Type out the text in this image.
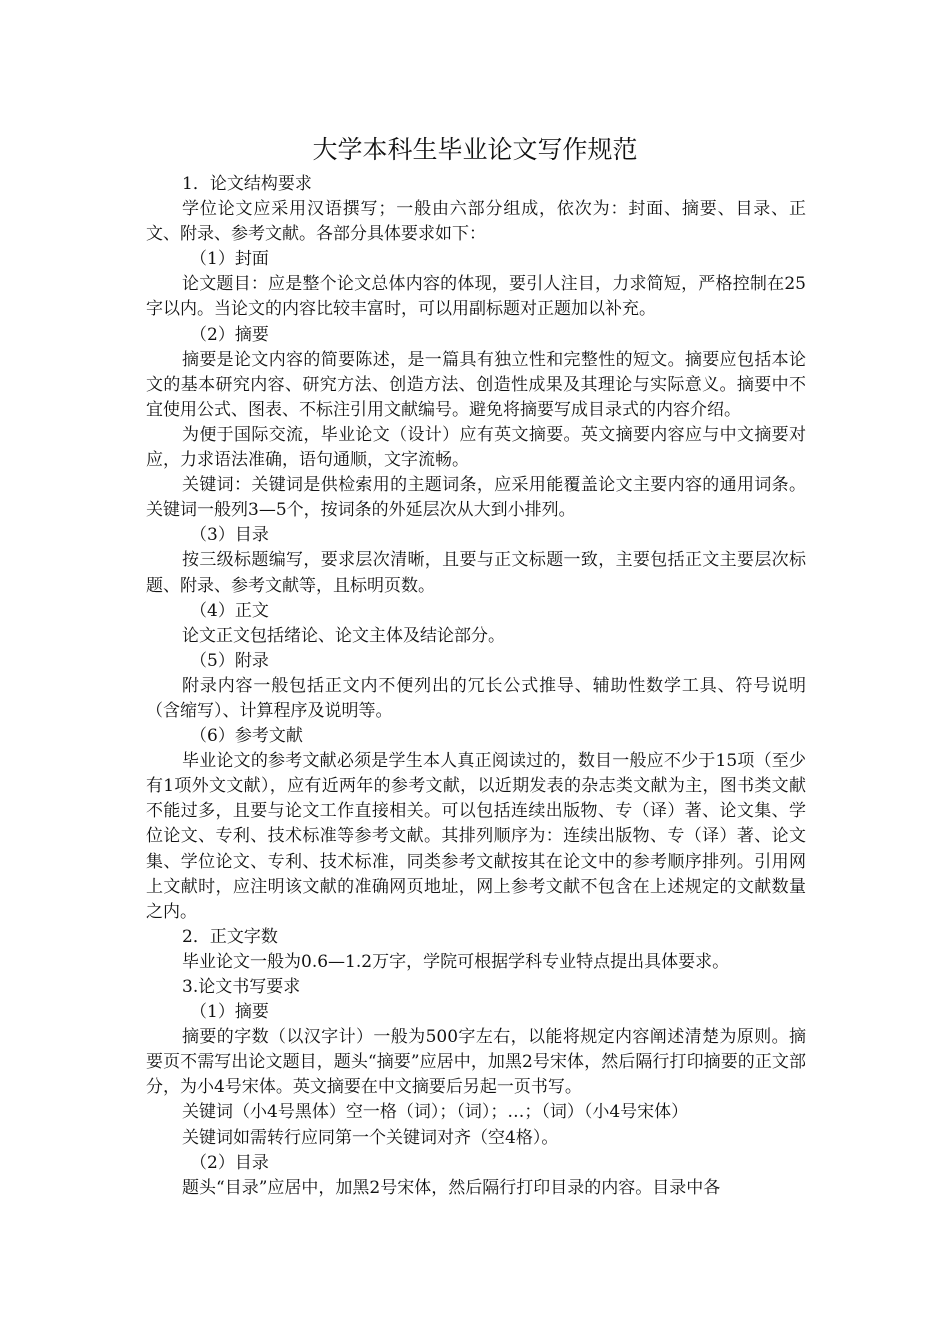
大学本科生毕业论文写作规范

1．论文结构要求

学位论文应采用汉语撰写；一般由六部分组成，依次为：封面、摘要、目录、正文、附录、参考文献。各部分具体要求如下：

（1）封面

论文题目：应是整个论文总体内容的体现，要引人注目，力求简短，严格控制在25字以内。当论文的内容比较丰富时，可以用副标题对正题加以补充。

（2）摘要

摘要是论文内容的简要陈述，是一篇具有独立性和完整性的短文。摘要应包括本论文的基本研究内容、研究方法、创造方法、创造性成果及其理论与实际意义。摘要中不宜使用公式、图表、不标注引用文献编号。避免将摘要写成目录式的内容介绍。

为便于国际交流，毕业论文（设计）应有英文摘要。英文摘要内容应与中文摘要对应，力求语法准确，语句通顺，文字流畅。

关键词：关键词是供检索用的主题词条，应采用能覆盖论文主要内容的通用词条。关键词一般列3—5个，按词条的外延层次从大到小排列。

（3）目录

按三级标题编写，要求层次清晰，且要与正文标题一致，主要包括正文主要层次标题、附录、参考文献等，且标明页数。

（4）正文

论文正文包括绪论、论文主体及结论部分。

（5）附录

附录内容一般包括正文内不便列出的冗长公式推导、辅助性数学工具、符号说明（含缩写）、计算程序及说明等。

（6）参考文献

毕业论文的参考文献必须是学生本人真正阅读过的，数目一般应不少于15项（至少有1项外文文献），应有近两年的参考文献，以近期发表的杂志类文献为主，图书类文献不能过多，且要与论文工作直接相关。可以包括连续出版物、专（译）著、论文集、学位论文、专利、技术标准等参考文献。其排列顺序为：连续出版物、专（译）著、论文集、学位论文、专利、技术标准，同类参考文献按其在论文中的参考顺序排列。引用网上文献时，应注明该文献的准确网页地址，网上参考文献不包含在上述规定的文献数量之内。

2．正文字数

毕业论文一般为0.6—1.2万字，学院可根据学科专业特点提出具体要求。

3.论文书写要求

（1）摘要

摘要的字数（以汉字计）一般为500字左右，以能将规定内容阐述清楚为原则。摘要页不需写出论文题目，题头“摘要”应居中，加黑2号宋体，然后隔行打印摘要的正文部分，为小4号宋体。英文摘要在中文摘要后另起一页书写。

关键词（小4号黑体）空一格（词）；（词）；…；（词）（小4号宋体）

关键词如需转行应同第一个关键词对齐（空4格）。

（2）目录

题头“目录”应居中，加黑2号宋体，然后隔行打印目录的内容。目录中各
